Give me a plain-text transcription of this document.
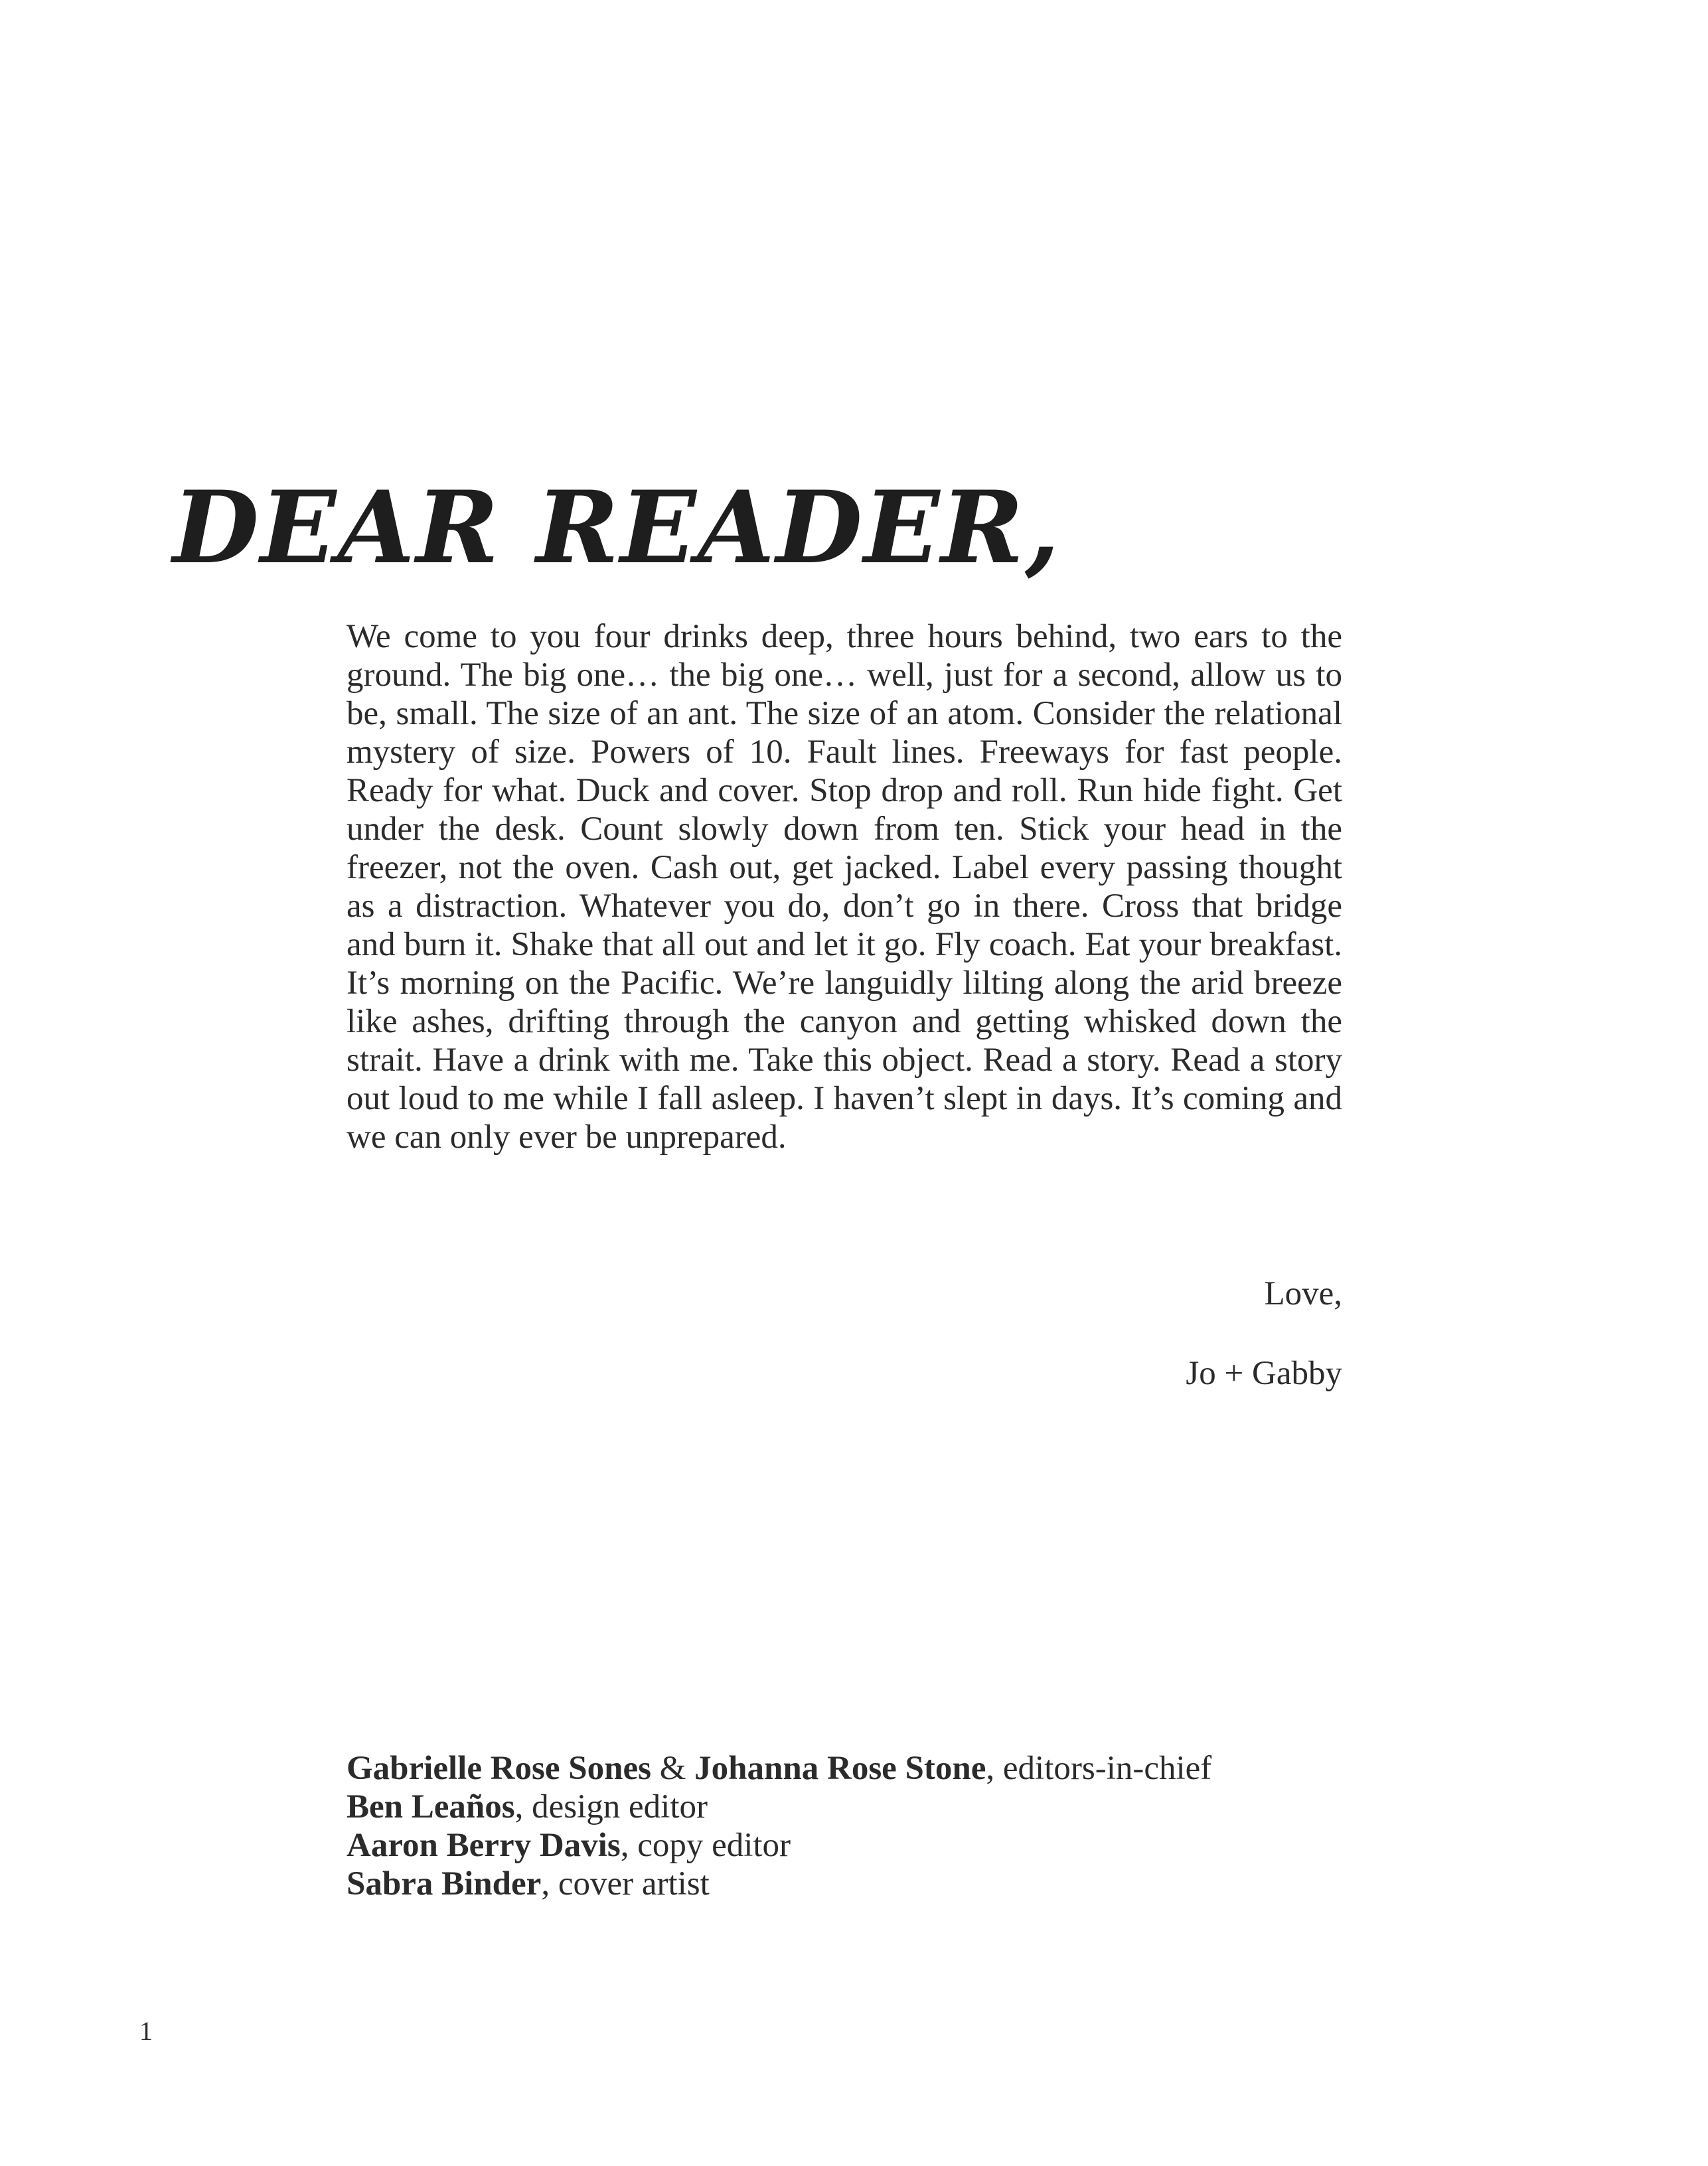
DEAR READER,

We come to you four drinks deep, three hours behind, two ears to the ground. The big one… the big one… well, just for a second, allow us to be, small. The size of an ant. The size of an atom. Consider the relational mystery of size. Powers of 10. Fault lines. Freeways for fast people. Ready for what. Duck and cover. Stop drop and roll. Run hide fight. Get under the desk. Count slowly down from ten. Stick your head in the freezer, not the oven. Cash out, get jacked. Label every passing thought as a distraction. Whatever you do, don’t go in there. Cross that bridge and burn it. Shake that all out and let it go. Fly coach. Eat your breakfast. It’s morning on the Pacific. We’re languidly lilting along the arid breeze like ashes, drifting through the canyon and getting whisked down the strait. Have a drink with me. Take this object. Read a story. Read a story out loud to me while I fall asleep. I haven’t slept in days. It’s coming and we can only ever be unprepared.

Love,

Jo + Gabby

Gabrielle Rose Sones & Johanna Rose Stone, editors-in-chief
Ben Leaños, design editor
Aaron Berry Davis, copy editor
Sabra Binder, cover artist
1
